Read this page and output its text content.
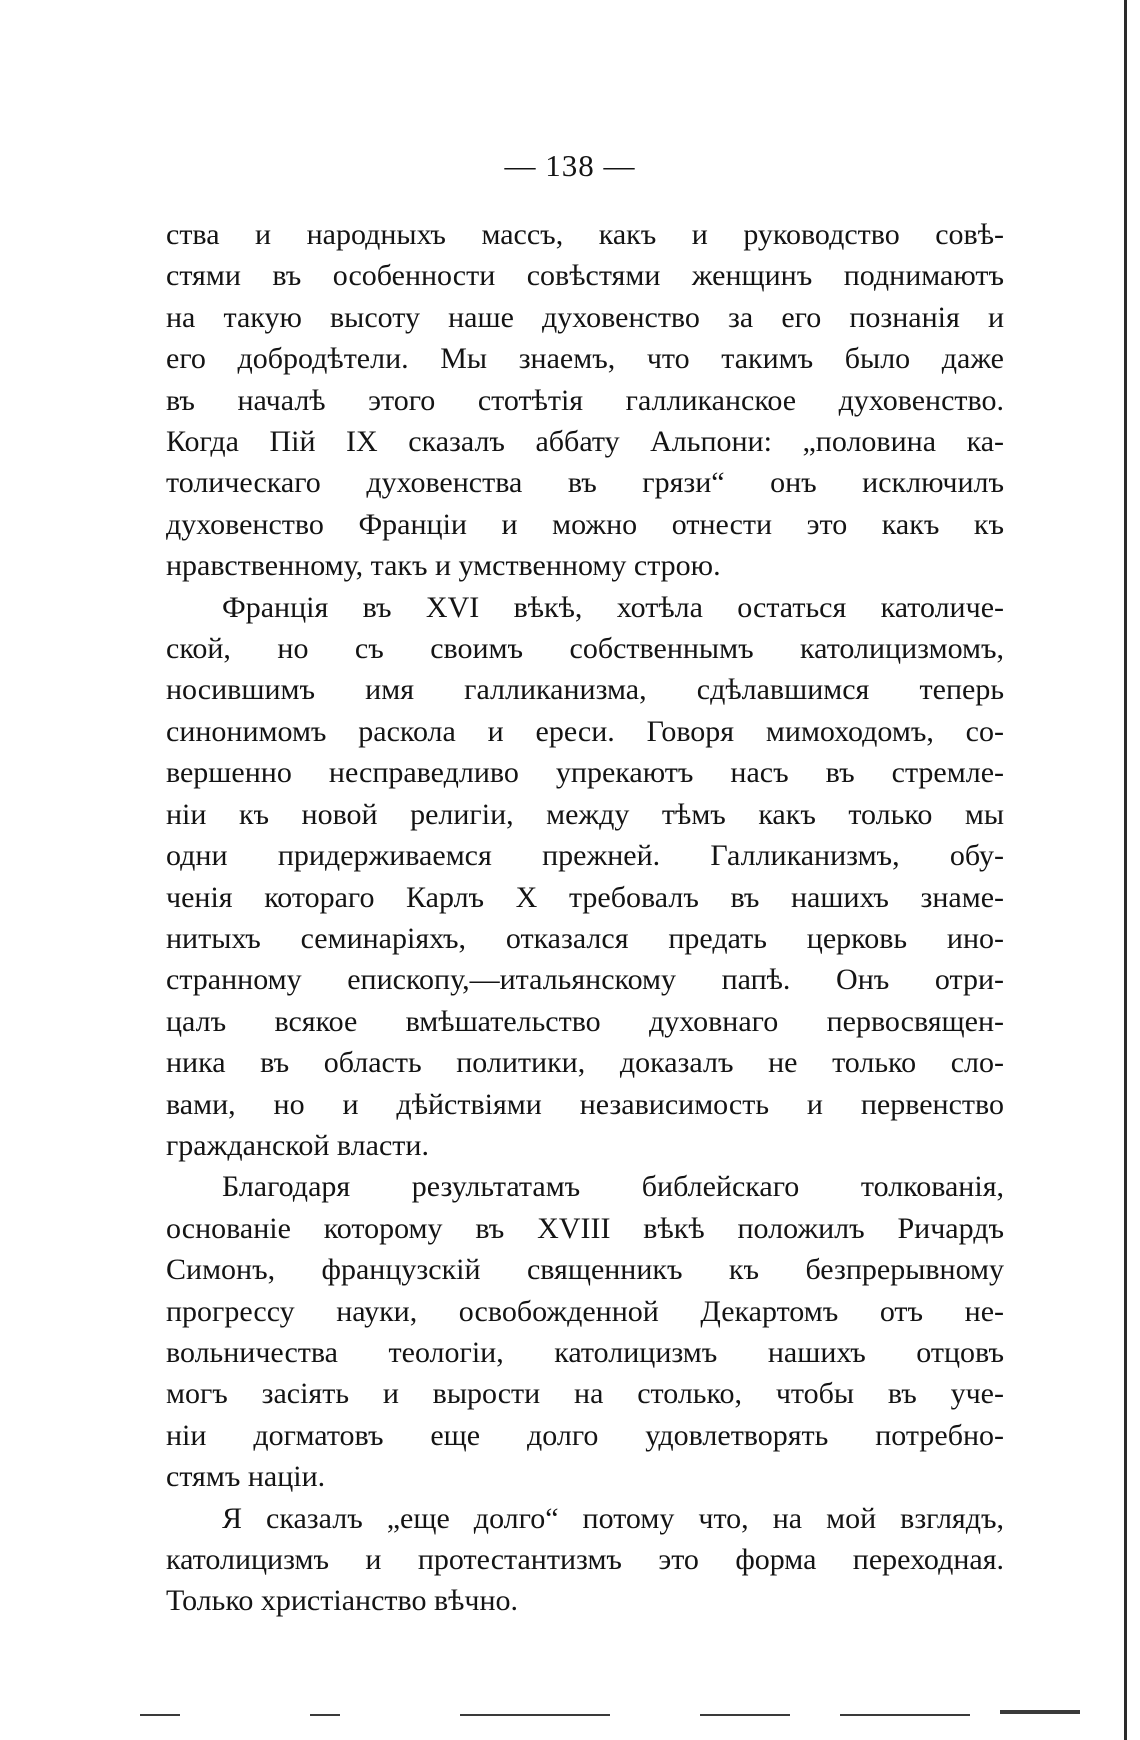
— 138 —

ства и народныхъ массъ, какъ и руководство совѣ-
стями въ особенности совѣстями женщинъ поднимаютъ
на такую высоту наше духовенство за его познанія и
его добродѣтели. Мы знаемъ, что такимъ было даже
въ началѣ этого стотѣтія галликанское духовенство.
Когда Пій IX сказалъ аббату Альпони: „половина ка-
толическаго духовенства въ грязи“ онъ исключилъ
духовенство Франціи и можно отнести это какъ къ
нравственному, такъ и умственному строю.

Франція въ XVI вѣкѣ, хотѣла остаться католиче-
ской, но съ своимъ собственнымъ католицизмомъ,
носившимъ имя галликанизма, сдѣлавшимся теперь
синонимомъ раскола и ереси. Говоря мимоходомъ, со-
вершенно несправедливо упрекаютъ насъ въ стремле-
ніи къ новой религіи, между тѣмъ какъ только мы
одни придерживаемся прежней. Галликанизмъ, обу-
ченія котораго Карлъ X требовалъ въ нашихъ знаме-
нитыхъ семинаріяхъ, отказался предать церковь ино-
странному епископу,—итальянскому папѣ. Онъ отри-
цалъ всякое вмѣшательство духовнаго первосвящен-
ника въ область политики, доказалъ не только сло-
вами, но и дѣйствіями независимость и первенство
гражданской власти.

Благодаря результатамъ библейскаго толкованія,
основаніе которому въ XVIII вѣкѣ положилъ Ричардъ
Симонъ, французскій священникъ къ безпрерывному
прогрессу науки, освобожденной Декартомъ отъ не-
вольничества теологіи, католицизмъ нашихъ отцовъ
могъ засіять и вырости на столько, чтобы въ уче-
ніи догматовъ еще долго удовлетворять потребно-
стямъ націи.

Я сказалъ „еще долго“ потому что, на мой взглядъ,
католицизмъ и протестантизмъ это форма переходная.
Только христіанство вѣчно.
